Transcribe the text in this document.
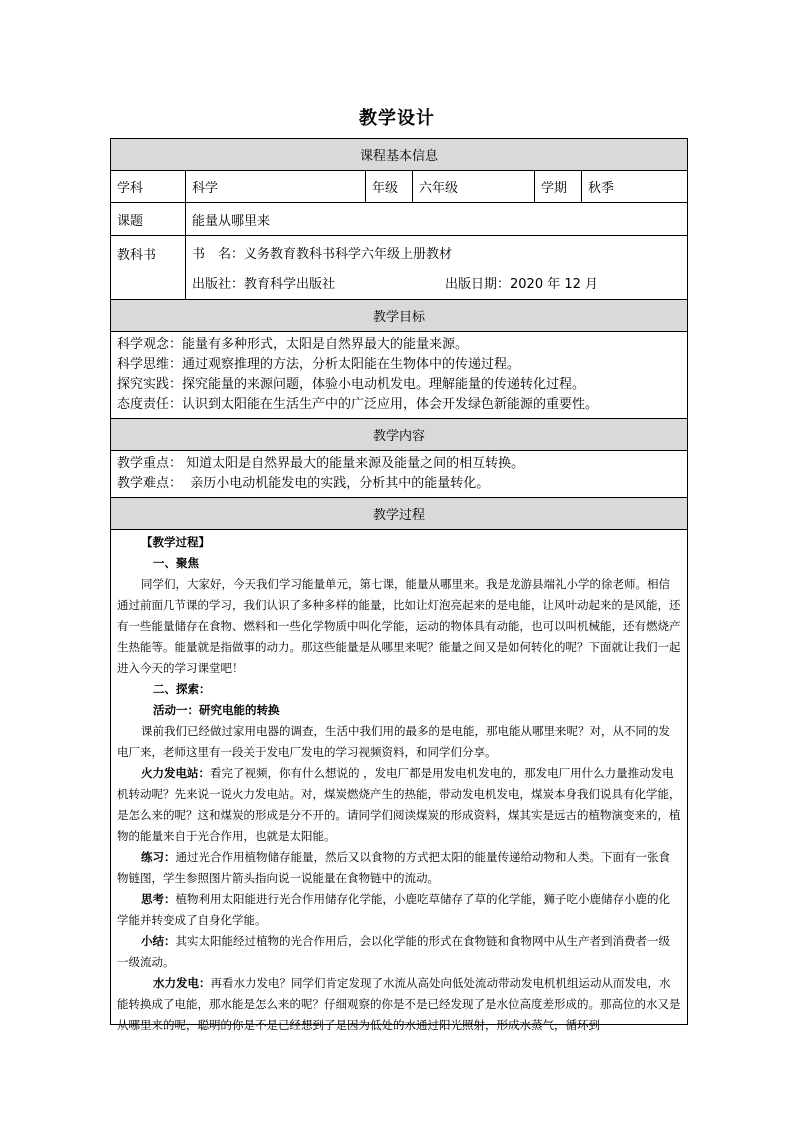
教学设计
课程基本信息
学科	科学	年级	六年级	学期	秋季
课题	能量从哪里来
教科书	书　名：义务教育教科书科学六年级上册教材
出版社：教育科学出版社	出版日期：2020 年 12 月
教学目标

科学观念：能量有多种形式，太阳是自然界最大的能量来源。

科学思维：通过观察推理的方法，分析太阳能在生物体中的传递过程。

探究实践：探究能量的来源问题，体验小电动机发电。理解能量的传递转化过程。

态度责任：认识到太阳能在生活生产中的广泛应用，体会开发绿色新能源的重要性。

教学内容

教学重点： 知道太阳是自然界最大的能量来源及能量之间的相互转换。

教学难点： 亲历小电动机能发电的实践，分析其中的能量转化。

教学过程

【教学过程】

一、聚焦

同学们，大家好，今天我们学习能量单元，第七课，能量从哪里来。我是龙游县端礼小学的徐老师。相信通过前面几节课的学习，我们认识了多种多样的能量，比如让灯泡亮起来的是电能，让风叶动起来的是风能，还有一些能量储存在食物、燃料和一些化学物质中叫化学能，运动的物体具有动能，也可以叫机械能，还有燃烧产生热能等。能量就是指做事的动力。那这些能量是从哪里来呢？能量之间又是如何转化的呢？下面就让我们一起进入今天的学习课堂吧！

二、探索：

活动一：研究电能的转换

课前我们已经做过家用电器的调查，生活中我们用的最多的是电能，那电能从哪里来呢？对，从不同的发电厂来，老师这里有一段关于发电厂发电的学习视频资料，和同学们分享。

火力发电站：看完了视频，你有什么想说的 ，发电厂都是用发电机发电的，那发电厂用什么力量推动发电机转动呢？先来说一说火力发电站。对，煤炭燃烧产生的热能，带动发电机发电，煤炭本身我们说具有化学能，是怎么来的呢？这和煤炭的形成是分不开的。请同学们阅读煤炭的形成资料，煤其实是远古的植物演变来的，植物的能量来自于光合作用，也就是太阳能。

练习：通过光合作用植物储存能量，然后又以食物的方式把太阳的能量传递给动物和人类。下面有一张食物链图，学生参照图片箭头指向说一说能量在食物链中的流动。

思考：植物利用太阳能进行光合作用储存化学能，小鹿吃草储存了草的化学能，狮子吃小鹿储存小鹿的化学能并转变成了自身化学能。

小结：其实太阳能经过植物的光合作用后，会以化学能的形式在食物链和食物网中从生产者到消费者一级一级流动。

水力发电：再看水力发电？同学们肯定发现了水流从高处向低处流动带动发电机机组运动从而发电，水能转换成了电能，那水能是怎么来的呢？仔细观察的你是不是已经发现了是水位高度差形成的。那高位的水又是从哪里来的呢，聪明的你是不是已经想到了是因为低处的水通过阳光照射，形成水蒸气，循环到
